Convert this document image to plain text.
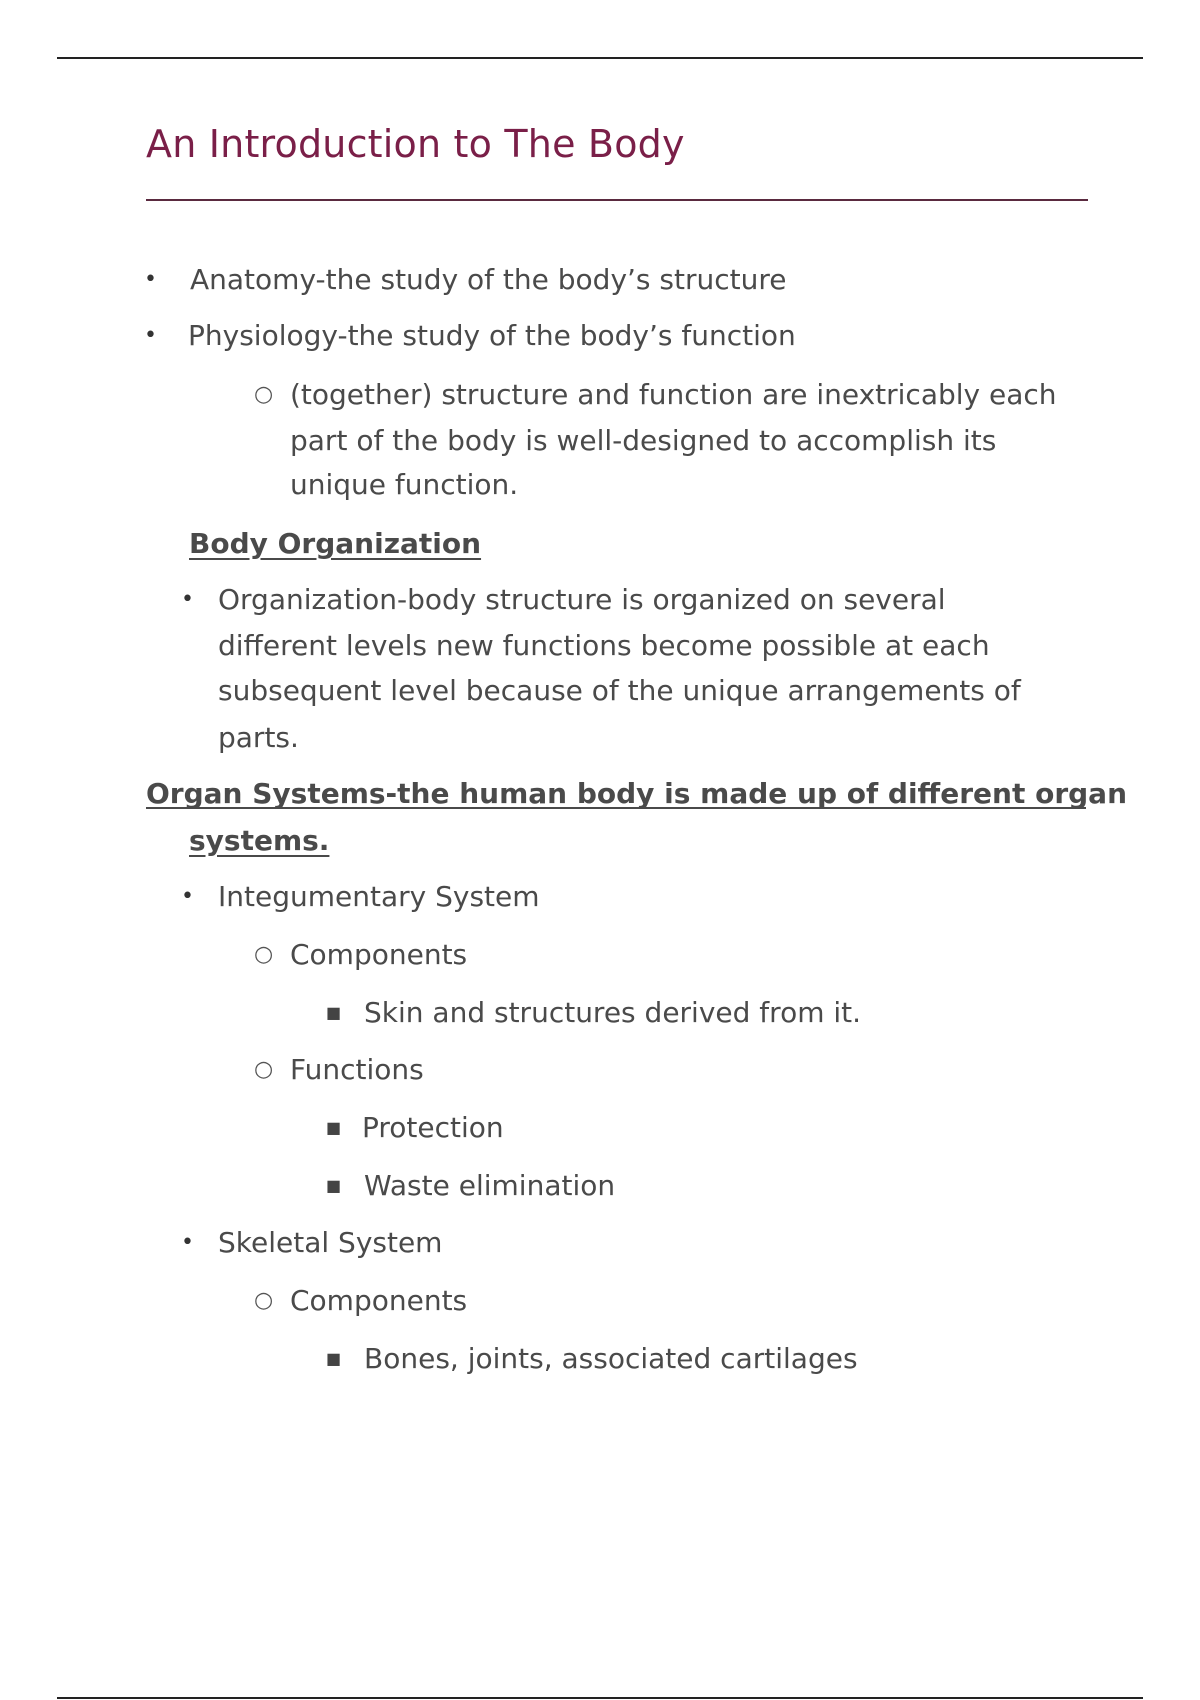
An Introduction to The Body
• Anatomy-the study of the body’s structure
• Physiology-the study of the body’s function
○ (together) structure and function are inextricably each
part of the body is well-designed to accomplish its
unique function.
Body Organization
• Organization-body structure is organized on several
different levels new functions become possible at each
subsequent level because of the unique arrangements of
parts.
Organ Systems-the human body is made up of different organ
systems.
• Integumentary System
○ Components
■ Skin and structures derived from it.
○ Functions
■ Protection
■ Waste elimination
• Skeletal System
○ Components
■ Bones, joints, associated cartilages
